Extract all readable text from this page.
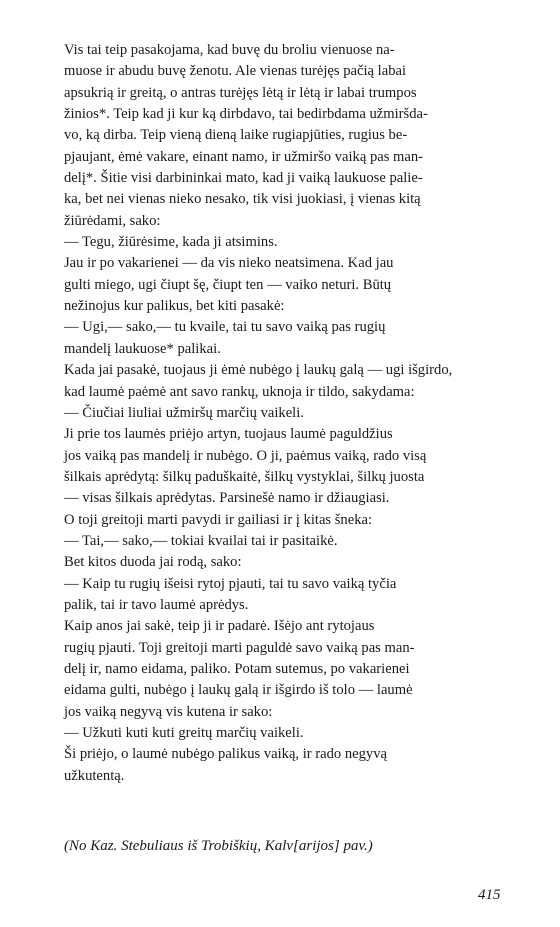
Vis tai teip pasakojama, kad buvę du broliu vienuose na-
muose ir abudu buvę ženotu. Ale vienas turėjęs pačią labai
apsukrią ir greitą, o antras turėjęs lėtą ir lėtą ir labai trumpos
žinios*. Teip kad ji kur ką dirbdavo, tai bedirbdama užmiršda-
vo, ką dirba. Teip vieną dieną laike rugiapjūties, rugius be-
pjaujant, ėmė vakare, einant namo, ir užmiršo vaiką pas man-
delį*. Šitie visi darbininkai mato, kad ji vaiką laukuose palie-
ka, bet nei vienas nieko nesako, tik visi juokiasi, į vienas kitą
žiūrėdami, sako:
— Tegu, žiūrėsime, kada ji atsimins.
Jau ir po vakarienei — da vis nieko neatsimena. Kad jau
gulti miego, ugi čiupt šę, čiupt ten — vaiko neturi. Būtų
nežinojus kur palikus, bet kiti pasakė:
— Ugi,— sako,— tu kvaile, tai tu savo vaiką pas rugių
mandelį laukuose* palikai.
Kada jai pasakė, tuojaus ji ėmė nubėgo į laukų galą — ugi išgirdo,
kad laumė paėmė ant savo rankų, uknoja ir tildo, sakydama:
— Čiučiai liuliai užmiršų marčių vaikeli.
Ji prie tos laumės priėjo artyn, tuojaus laumė paguldžius
jos vaiką pas mandelį ir nubėgo. O ji, paėmus vaiką, rado visą
šilkais aprėdytą: šilkų paduškaitė, šilkų vystyklai, šilkų juosta
— visas šilkais aprėdytas. Parsinešė namo ir džiaugiasi.
O toji greitoji marti pavydi ir gailiasi ir į kitas šneka:
— Tai,— sako,— tokiai kvailai tai ir pasitaikė.
Bet kitos duoda jai rodą, sako:
— Kaip tu rugių išeisi rytoj pjauti, tai tu savo vaiką tyčia
palik, tai ir tavo laumė aprėdys.
Kaip anos jai sakė, teip ji ir padarė. Išėjo ant rytojaus
rugių pjauti. Toji greitoji marti paguldė savo vaiką pas man-
delį ir, namo eidama, paliko. Potam sutemus, po vakarienei
eidama gulti, nubėgo į laukų galą ir išgirdo iš tolo — laumė
jos vaiką negyvą vis kutena ir sako:
— Užkuti kuti kuti greitų marčių vaikeli.
Ši priėjo, o laumė nubėgo palikus vaiką, ir rado negyvą
užkutentą.
(No Kaz. Stebuliaus iš Trobiškių, Kalv[arijos] pav.)
415
